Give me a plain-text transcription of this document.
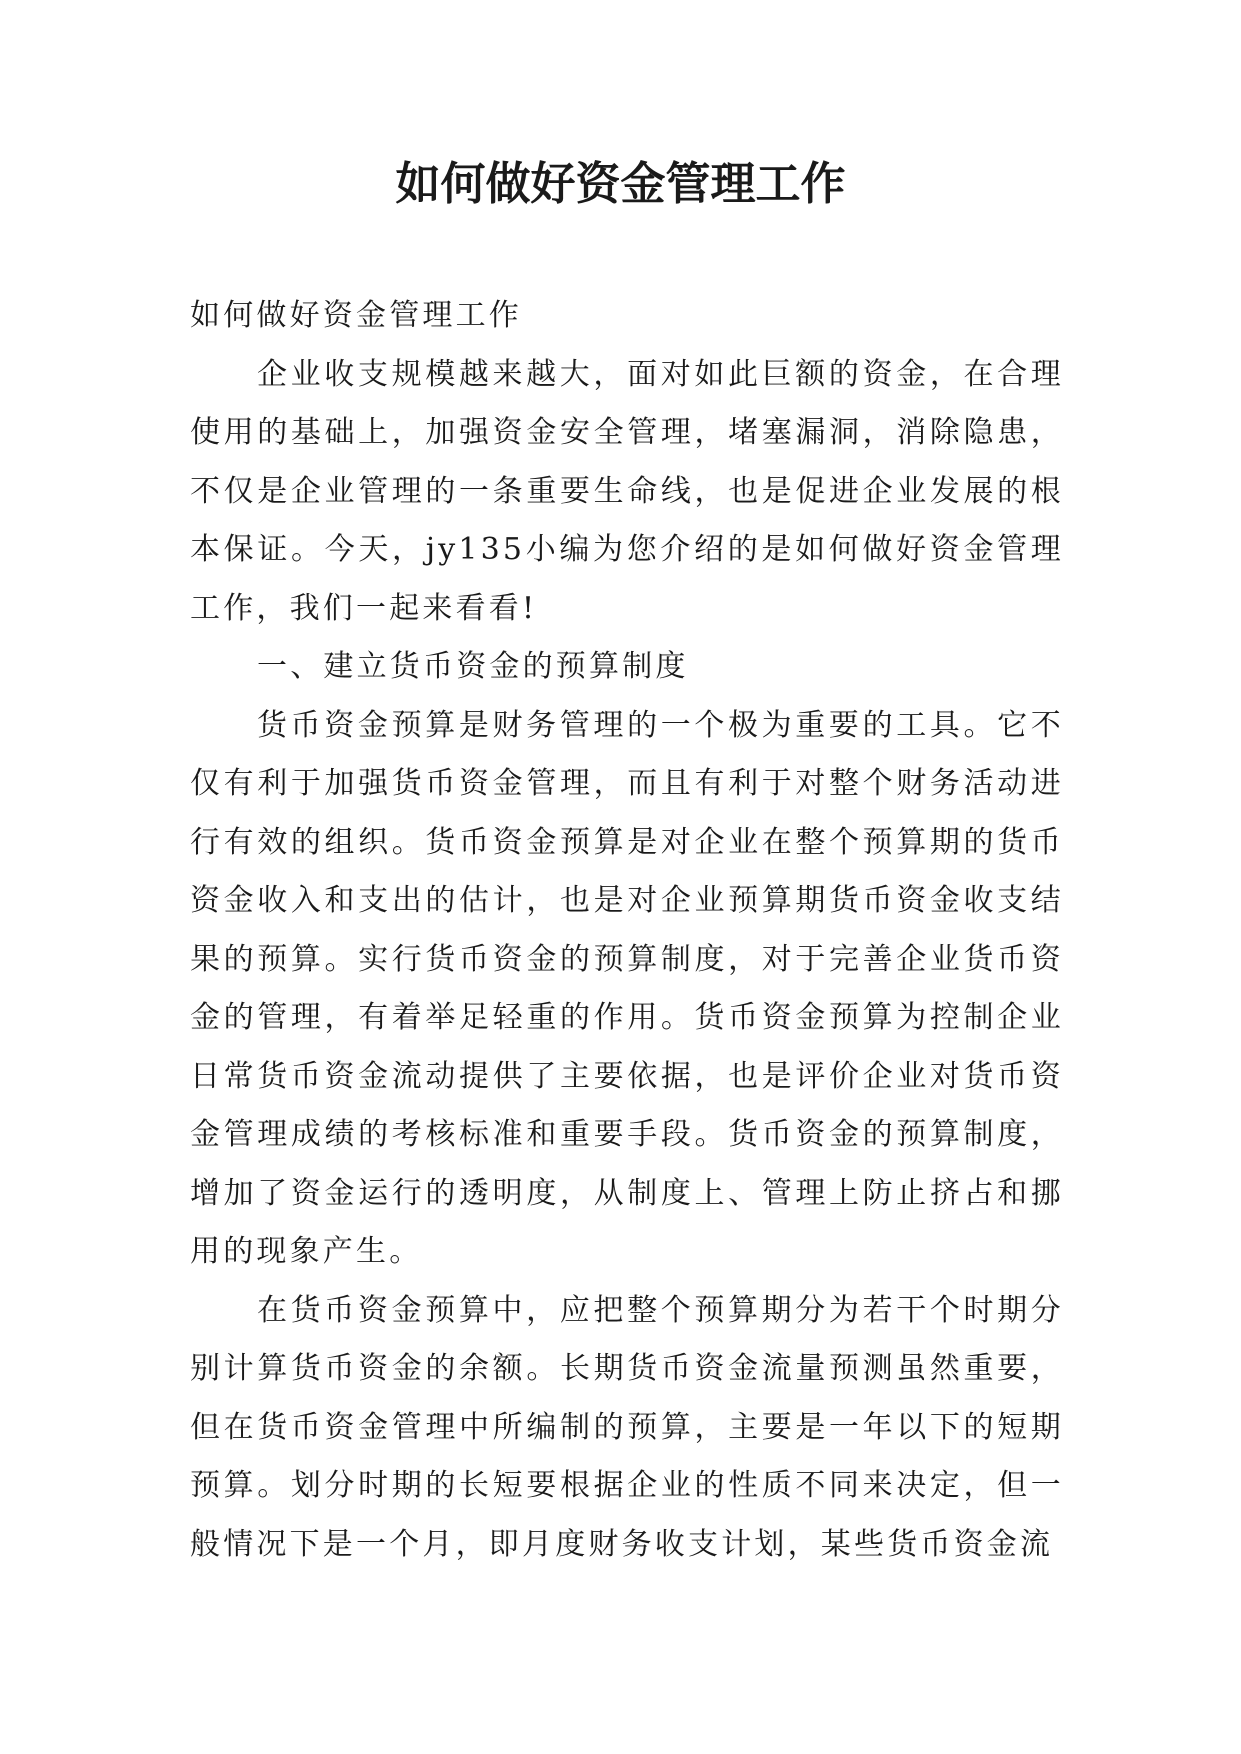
如何做好资金管理工作

如何做好资金管理工作

企业收支规模越来越大，面对如此巨额的资金，在合理使用的基础上，加强资金安全管理，堵塞漏洞，消除隐患，不仅是企业管理的一条重要生命线，也是促进企业发展的根本保证。今天，jy135小编为您介绍的是如何做好资金管理工作，我们一起来看看!

一、建立货币资金的预算制度

货币资金预算是财务管理的一个极为重要的工具。它不仅有利于加强货币资金管理，而且有利于对整个财务活动进行有效的组织。货币资金预算是对企业在整个预算期的货币资金收入和支出的估计，也是对企业预算期货币资金收支结果的预算。实行货币资金的预算制度，对于完善企业货币资金的管理，有着举足轻重的作用。货币资金预算为控制企业日常货币资金流动提供了主要依据，也是评价企业对货币资金管理成绩的考核标准和重要手段。货币资金的预算制度，增加了资金运行的透明度，从制度上、管理上防止挤占和挪用的现象产生。

在货币资金预算中，应把整个预算期分为若干个时期分别计算货币资金的余额。长期货币资金流量预测虽然重要，但在货币资金管理中所编制的预算，主要是一年以下的短期预算。划分时期的长短要根据企业的性质不同来决定，但一般情况下是一个月，即月度财务收支计划，某些货币资金流
